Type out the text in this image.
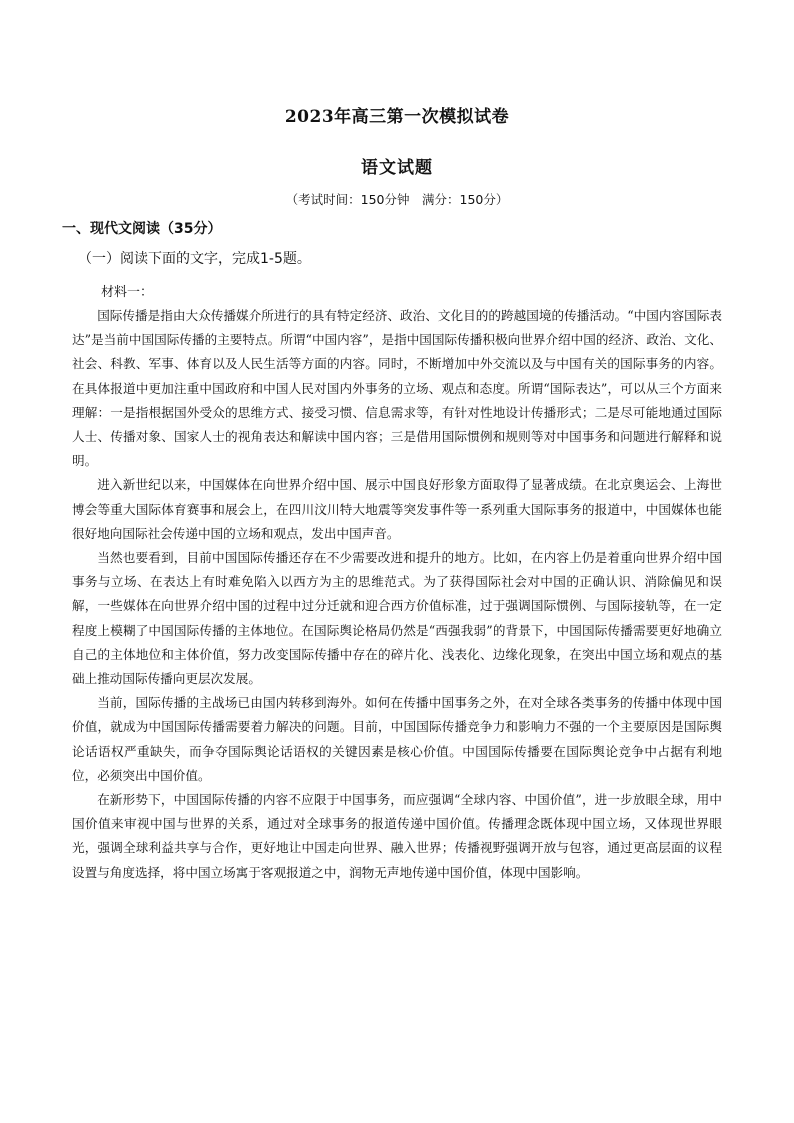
2023年高三第一次模拟试卷
语文试题
（考试时间：150分钟　满分：150分）
一、现代文阅读（35分）
（一）阅读下面的文字，完成1-5题。
材料一：

国际传播是指由大众传播媒介所进行的具有特定经济、政治、文化目的的跨越国境的传播活动。“中国内容国际表达”是当前中国国际传播的主要特点。所谓“中国内容”，是指中国国际传播积极向世界介绍中国的经济、政治、文化、社会、科教、军事、体育以及人民生活等方面的内容。同时，不断增加中外交流以及与中国有关的国际事务的内容。在具体报道中更加注重中国政府和中国人民对国内外事务的立场、观点和态度。所谓“国际表达”，可以从三个方面来理解：一是指根据国外受众的思维方式、接受习惯、信息需求等，有针对性地设计传播形式；二是尽可能地通过国际人士、传播对象、国家人士的视角表达和解读中国内容；三是借用国际惯例和规则等对中国事务和问题进行解释和说明。

进入新世纪以来，中国媒体在向世界介绍中国、展示中国良好形象方面取得了显著成绩。在北京奥运会、上海世博会等重大国际体育赛事和展会上，在四川汶川特大地震等突发事件等一系列重大国际事务的报道中，中国媒体也能很好地向国际社会传递中国的立场和观点，发出中国声音。

当然也要看到，目前中国国际传播还存在不少需要改进和提升的地方。比如，在内容上仍是着重向世界介绍中国事务与立场、在表达上有时难免陷入以西方为主的思维范式。为了获得国际社会对中国的正确认识、消除偏见和误解，一些媒体在向世界介绍中国的过程中过分迁就和迎合西方价值标准，过于强调国际惯例、与国际接轨等，在一定程度上模糊了中国国际传播的主体地位。在国际舆论格局仍然是“西强我弱”的背景下，中国国际传播需要更好地确立自己的主体地位和主体价值，努力改变国际传播中存在的碎片化、浅表化、边缘化现象，在突出中国立场和观点的基础上推动国际传播向更层次发展。

当前，国际传播的主战场已由国内转移到海外。如何在传播中国事务之外，在对全球各类事务的传播中体现中国价值，就成为中国国际传播需要着力解决的问题。目前，中国国际传播竞争力和影响力不强的一个主要原因是国际舆论话语权严重缺失，而争夺国际舆论话语权的关键因素是核心价值。中国国际传播要在国际舆论竞争中占据有利地位，必须突出中国价值。

在新形势下，中国国际传播的内容不应限于中国事务，而应强调“全球内容、中国价值”，进一步放眼全球，用中国价值来审视中国与世界的关系，通过对全球事务的报道传递中国价值。传播理念既体现中国立场，又体现世界眼光，强调全球利益共享与合作，更好地让中国走向世界、融入世界；传播视野强调开放与包容，通过更高层面的议程设置与角度选择，将中国立场寓于客观报道之中，润物无声地传递中国价值，体现中国影响。
